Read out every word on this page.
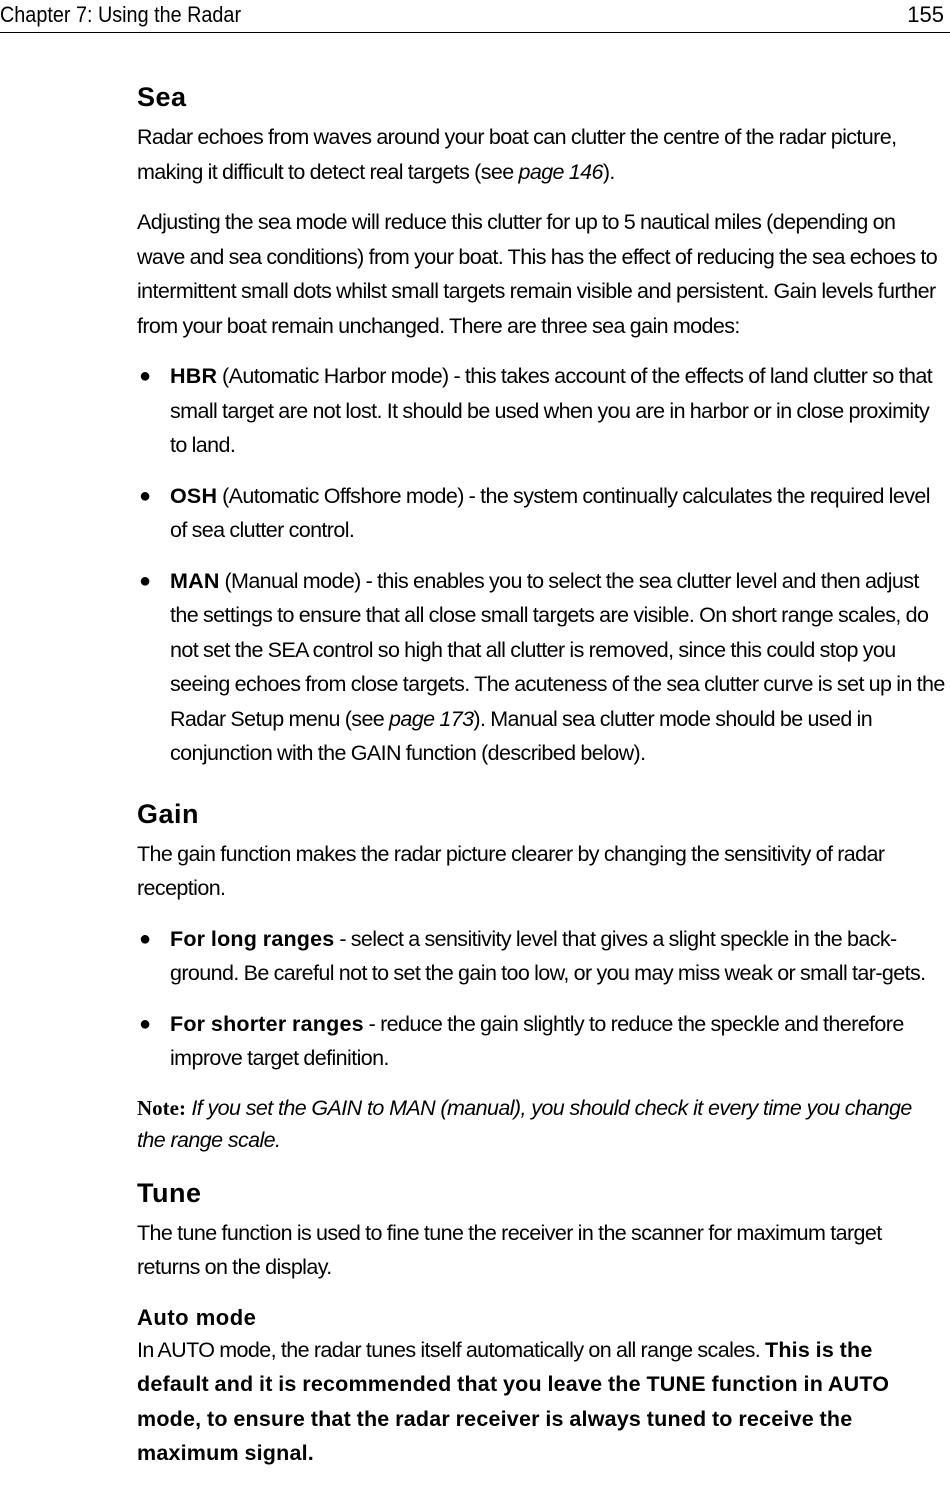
Chapter 7: Using the Radar	155
Sea

Radar echoes from waves around your boat can clutter the centre of the radar picture, making it difficult to detect real targets (see page 146).

Adjusting the sea mode will reduce this clutter for up to 5 nautical miles (depending on wave and sea conditions) from your boat. This has the effect of reducing the sea echoes to intermittent small dots whilst small targets remain visible and persistent. Gain levels further from your boat remain unchanged. There are three sea gain modes:

● HBR (Automatic Harbor mode) - this takes account of the effects of land clutter so that small target are not lost. It should be used when you are in harbor or in close proximity to land.
● OSH (Automatic Offshore mode) - the system continually calculates the required level of sea clutter control.
● MAN (Manual mode) - this enables you to select the sea clutter level and then adjust the settings to ensure that all close small targets are visible. On short range scales, do not set the SEA control so high that all clutter is removed, since this could stop you seeing echoes from close targets. The acuteness of the sea clutter curve is set up in the Radar Setup menu (see page 173). Manual sea clutter mode should be used in conjunction with the GAIN function (described below).
Gain

The gain function makes the radar picture clearer by changing the sensitivity of radar reception.

● For long ranges - select a sensitivity level that gives a slight speckle in the back-ground. Be careful not to set the gain too low, or you may miss weak or small tar-gets.
● For shorter ranges - reduce the gain slightly to reduce the speckle and therefore improve target definition.
Note: If you set the GAIN to MAN (manual), you should check it every time you change the range scale.
Tune

The tune function is used to fine tune the receiver in the scanner for maximum target returns on the display.

Auto mode

In AUTO mode, the radar tunes itself automatically on all range scales. This is the default and it is recommended that you leave the TUNE function in AUTO mode, to ensure that the radar receiver is always tuned to receive the maximum signal.
